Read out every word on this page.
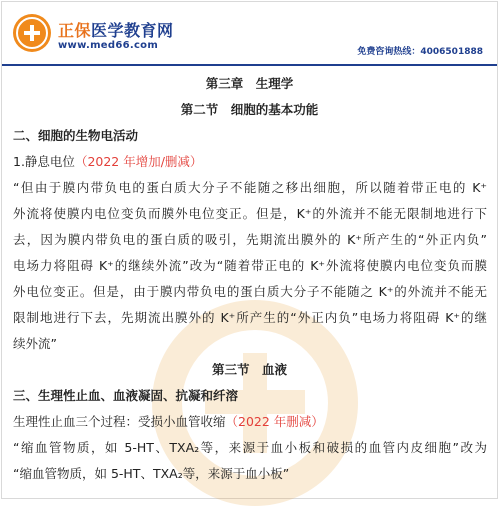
正保医学教育网
www.med66.com
免费咨询热线：4006501888
第三章　生理学
第二节　细胞的基本功能
二、细胞的生物电活动
1.静息电位（2022 年增加/删减）
“但由于膜内带负电的蛋白质大分子不能随之移出细胞，所以随着带正电的 K⁺
外流将使膜内电位变负而膜外电位变正。但是，K⁺的外流并不能无限制地进行下
去，因为膜内带负电的蛋白质的吸引，先期流出膜外的 K⁺所产生的“外正内负”
电场力将阻碍 K⁺的继续外流”改为“随着带正电的 K⁺外流将使膜内电位变负而膜
外电位变正。但是，由于膜内带负电的蛋白质大分子不能随之 K⁺的外流并不能无
限制地进行下去，先期流出膜外的 K⁺所产生的“外正内负”电场力将阻碍 K⁺的继
续外流”
第三节　血液
三、生理性止血、血液凝固、抗凝和纤溶
生理性止血三个过程：受损小血管收缩（2022 年删减）
“缩血管物质，如 5-HT、TXA₂等，来源于血小板和破损的血管内皮细胞”改为
“缩血管物质，如 5-HT、TXA₂等，来源于血小板”
